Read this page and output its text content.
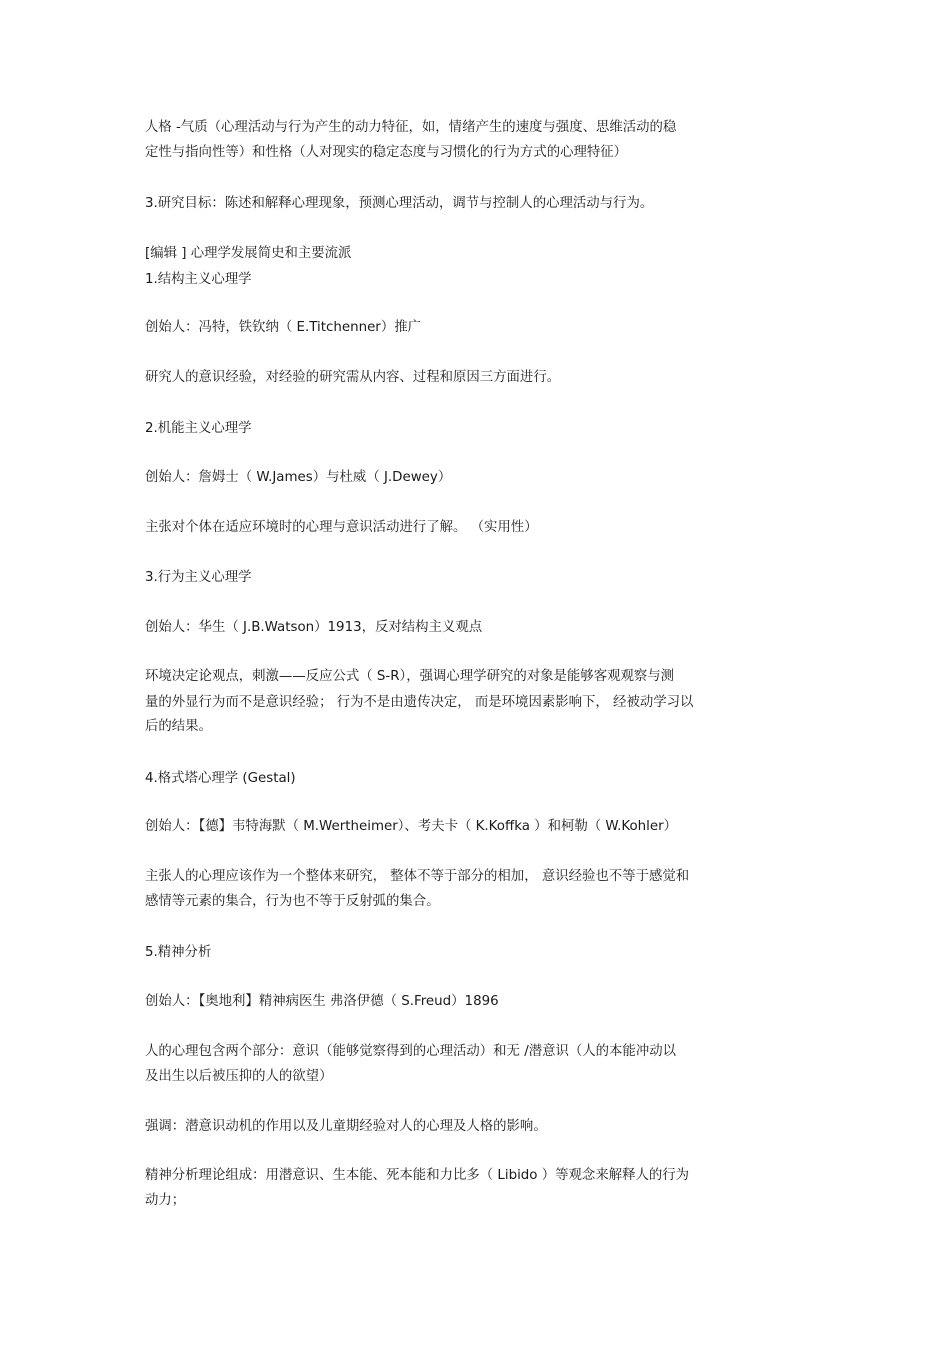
人格 -气质（心理活动与行为产生的动力特征，如，情绪产生的速度与强度、思维活动的稳

定性与指向性等）和性格（人对现实的稳定态度与习惯化的行为方式的心理特征）

3.研究目标：陈述和解释心理现象，预测心理活动，调节与控制人的心理活动与行为。

[编辑 ] 心理学发展简史和主要流派

1.结构主义心理学

创始人：冯特，铁钦纳（ E.Titchenner）推广

研究人的意识经验，对经验的研究需从内容、过程和原因三方面进行。

2.机能主义心理学

创始人：詹姆士（ W.James）与杜威（ J.Dewey）

主张对个体在适应环境时的心理与意识活动进行了解。 （实用性）

3.行为主义心理学

创始人：华生（ J.B.Watson）1913，反对结构主义观点

环境决定论观点，刺激——反应公式（ S-R），强调心理学研究的对象是能够客观观察与测

量的外显行为而不是意识经验； 行为不是由遗传决定， 而是环境因素影响下， 经被动学习以

后的结果。

4.格式塔心理学 (Gestal)

创始人：【德】韦特海默（ M.Wertheimer）、考夫卡（ K.Koffka ）和柯勒（ W.Kohler）

主张人的心理应该作为一个整体来研究， 整体不等于部分的相加， 意识经验也不等于感觉和

感情等元素的集合，行为也不等于反射弧的集合。

5.精神分析

创始人：【奥地利】精神病医生 弗洛伊德（ S.Freud）1896

人的心理包含两个部分：意识（能够觉察得到的心理活动）和无 /潜意识（人的本能冲动以

及出生以后被压抑的人的欲望）

强调：潜意识动机的作用以及儿童期经验对人的心理及人格的影响。

精神分析理论组成：用潜意识、生本能、死本能和力比多（ Libido ）等观念来解释人的行为

动力；
